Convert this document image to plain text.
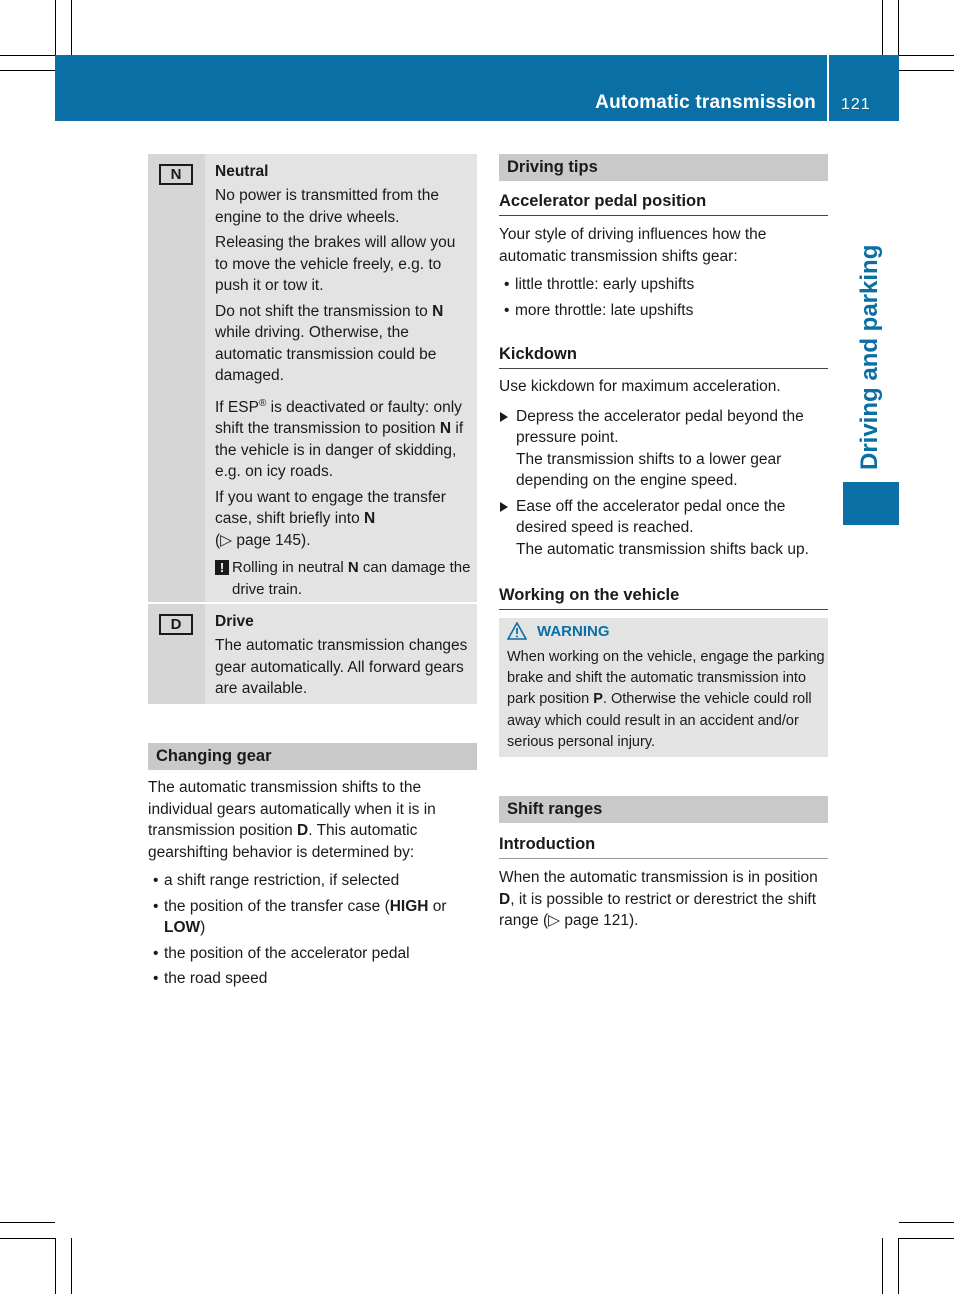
Automatic transmission 121
Driving and parking
N	Neutral

No power is transmitted from the engine to the drive wheels.

Releasing the brakes will allow you to move the vehicle freely, e.g. to push it or tow it.

Do not shift the transmission to N while driving. Otherwise, the automatic transmission could be damaged.

If ESP® is deactivated or faulty: only shift the transmission to position N if the vehicle is in danger of skidding, e.g. on icy roads.

If you want to engage the transfer case, shift briefly into N
(▷ page 145).

! Rolling in neutral N can damage the drive train.

D	Drive

The automatic transmission changes gear automatically. All forward gears are available.

Changing gear

The automatic transmission shifts to the individual gears automatically when it is in transmission position D. This automatic gearshifting behavior is determined by:

• a shift range restriction, if selected
• the position of the transfer case (HIGH or LOW)
• the position of the accelerator pedal
• the road speed
Driving tips
Accelerator pedal position

Your style of driving influences how the automatic transmission shifts gear:

• little throttle: early upshifts
• more throttle: late upshifts
Kickdown

Use kickdown for maximum acceleration.

Depress the accelerator pedal beyond the pressure point.
The transmission shifts to a lower gear depending on the engine speed.
Ease off the accelerator pedal once the desired speed is reached.
The automatic transmission shifts back up.
Working on the vehicle
WARNING

When working on the vehicle, engage the parking brake and shift the automatic transmission into park position P. Otherwise the vehicle could roll away which could result in an accident and/or serious personal injury.

Shift ranges
Introduction

When the automatic transmission is in position D, it is possible to restrict or derestrict the shift range (▷ page 121).
